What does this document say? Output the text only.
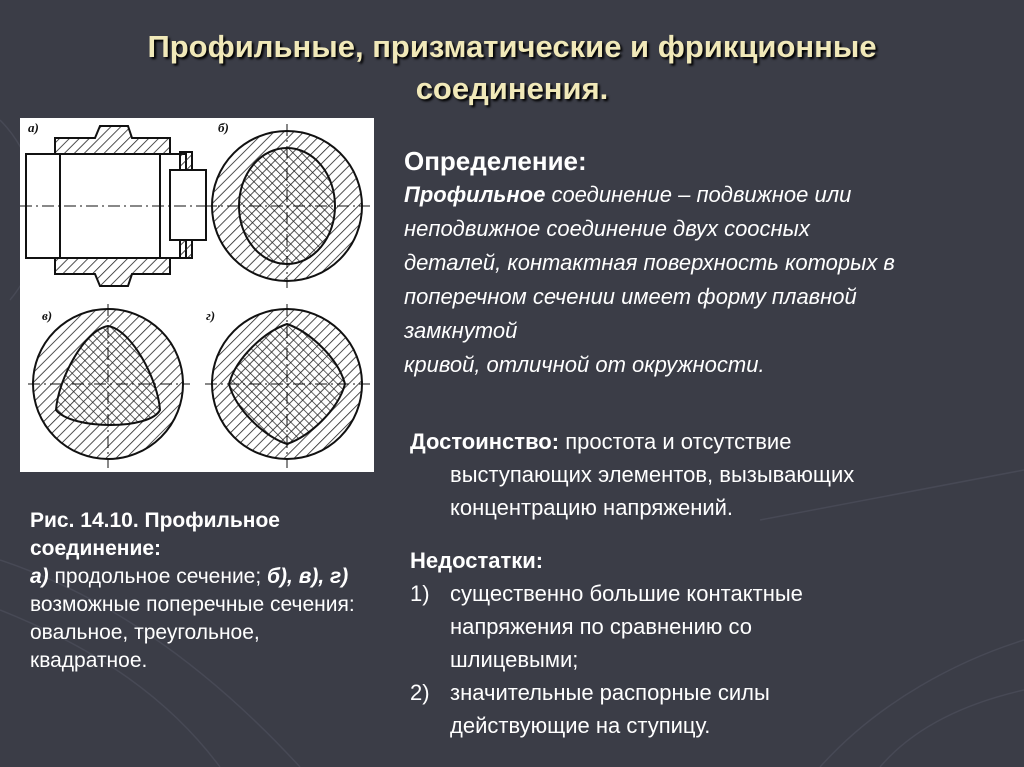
Профильные, призматические и фрикционные
соединения.
а)	б)
в)	г)
Рис. 14.10. Профильное соединение:
а) продольное сечение; б), в), г) возможные поперечные сечения: овальное, треугольное, квадратное.
Определение:
Профильное соединение – подвижное или
неподвижное соединение двух соосных
деталей, контактная поверхность которых в
поперечном сечении имеет форму плавной
замкнутой
кривой, отличной от окружности.
Достоинство: простота и отсутствие
выступающих элементов, вызывающих
концентрацию напряжений.
Недостатки:
1) существенно большие контактные
напряжения по сравнению со
шлицевыми;
2) значительные распорные силы
действующие на ступицу.
